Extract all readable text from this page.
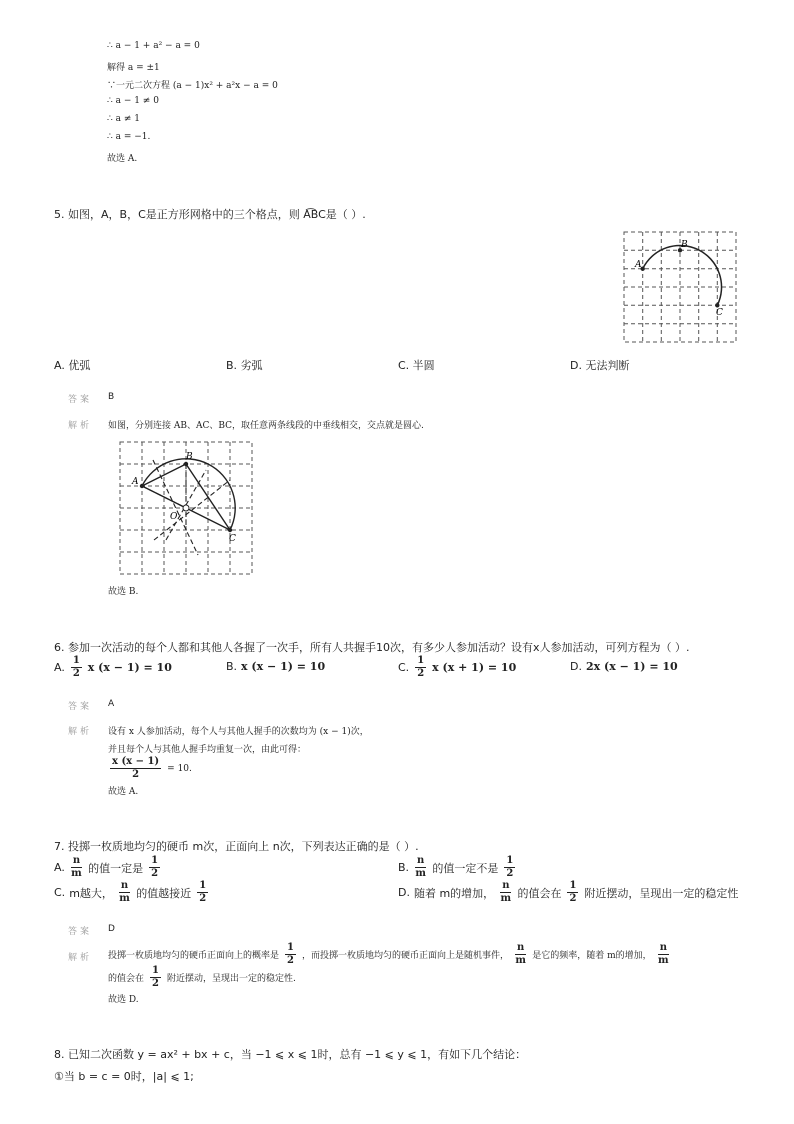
∴ a − 1 + a² − a = 0
解得 a = ±1
∵一元二次方程 (a − 1)x² + a²x − a = 0
∴ a − 1 ≠ 0
∴ a ≠ 1
∴ a = −1.
故选 A.
5. 如图，A，B，C是正方形网格中的三个格点，则 A͡BC是（ ）.
A
B
C
A. 优弧	B. 劣弧	C. 半圆	D. 无法判断
答案 B
解析 如图，分别连接 AB、AC、BC，取任意两条线段的中垂线相交，交点就是圆心.
A
B
C
O
故选 B.
6. 参加一次活动的每个人都和其他人各握了一次手，所有人共握手10次，有多少人参加活动？设有x人参加活动，可列方程为（ ）.
A. $\frac{1}{2}$ x (x − 1) = 10	B. x (x − 1) = 10	C. $\frac{1}{2}$ x (x + 1) = 10	D. 2x (x − 1) = 10
答案 A
解析 设有 x 人参加活动，每个人与其他人握手的次数均为 (x − 1)次，
并且每个人与其他人握手均重复一次，由此可得：
$\frac{x (x - 1)}{2} = 10$.
故选 A.
7. 投掷一枚质地均匀的硬币 m次，正面向上 n次，下列表达正确的是（ ）.
A. $\frac{n}{m}$ 的值一定是 $\frac{1}{2}$	B. $\frac{n}{m}$ 的值一定不是 $\frac{1}{2}$
C. m越大， $\frac{n}{m}$ 的值越接近 $\frac{1}{2}$	D. 随着 m的增加， $\frac{n}{m}$ 的值会在 $\frac{1}{2}$ 附近摆动，呈现出一定的稳定性
答案 D
解析 投掷一枚质地均匀的硬币正面向上的概率是 $\frac{1}{2}$ ，而投掷一枚质地均匀的硬币正面向上是随机事件， $\frac{n}{m}$ 是它的频率，随着 m的增加， $\frac{n}{m}$
的值会在 $\frac{1}{2}$ 附近摆动，呈现出一定的稳定性.
故选 D.
8. 已知二次函数 y = ax² + bx + c，当 −1 ⩽ x ⩽ 1时，总有 −1 ⩽ y ⩽ 1，有如下几个结论：
①当 b = c = 0时，|a| ⩽ 1;
